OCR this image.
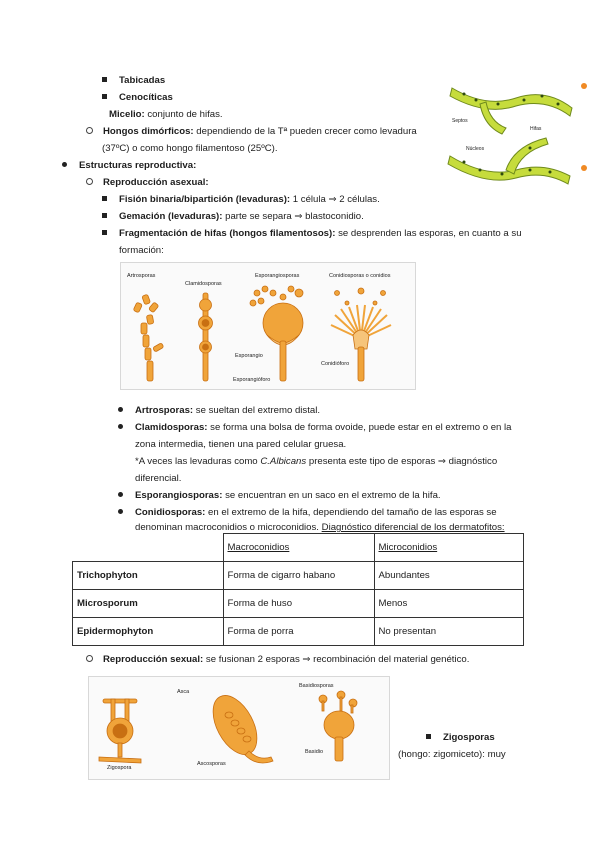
Tabicadas
Cenocíticas
Micelio: conjunto de hifas.
Hongos dimórficos: dependiendo de la Tª pueden crecer como levadura
(37ºC) o como hongo filamentoso (25ºC).
Estructuras reproductiva:
Reproducción asexual:
Fisión binaria/bipartición (levaduras): 1 célula ⇒ 2 células.
Gemación (levaduras): parte se separa ⇒ blastoconidio.
Fragmentación de hifas (hongos filamentosos): se desprenden las esporas, en cuanto a su
formación:
Artrosporas
Clamidosporas
Esporangiosporas	Conidiosporas o conidios
Esporangio
Esporangióforo
Conidióforo
Septos
Hifas
Núcleos
Artrosporas: se sueltan del extremo distal.
Clamidosporas: se forma una bolsa de forma ovoide, puede estar en el extremo o en la
zona intermedia, tienen una pared celular gruesa.
*A veces las levaduras como C.Albicans presenta este tipo de esporas ⇒ diagnóstico
diferencial.
Esporangiosporas: se encuentran en un saco en el extremo de la hifa.
Conidiosporas: en el extremo de la hifa, dependiendo del tamaño de las esporas se
denominan macroconidios o microconidios. Diagnóstico diferencial de los dermatofitos:
	Macroconidios	Microconidios
Trichophyton	Forma de cigarro habano	Abundantes
Microsporum	Forma de huso	Menos
Epidermophyton	Forma de porra	No presentan
Reproducción sexual: se fusionan 2 esporas ⇒ recombinación del material genético.
Asca
Basidiosporas
Ascosporas
Basidio
Zigospora
Zigosporas
(hongo: zigomiceto): muy
